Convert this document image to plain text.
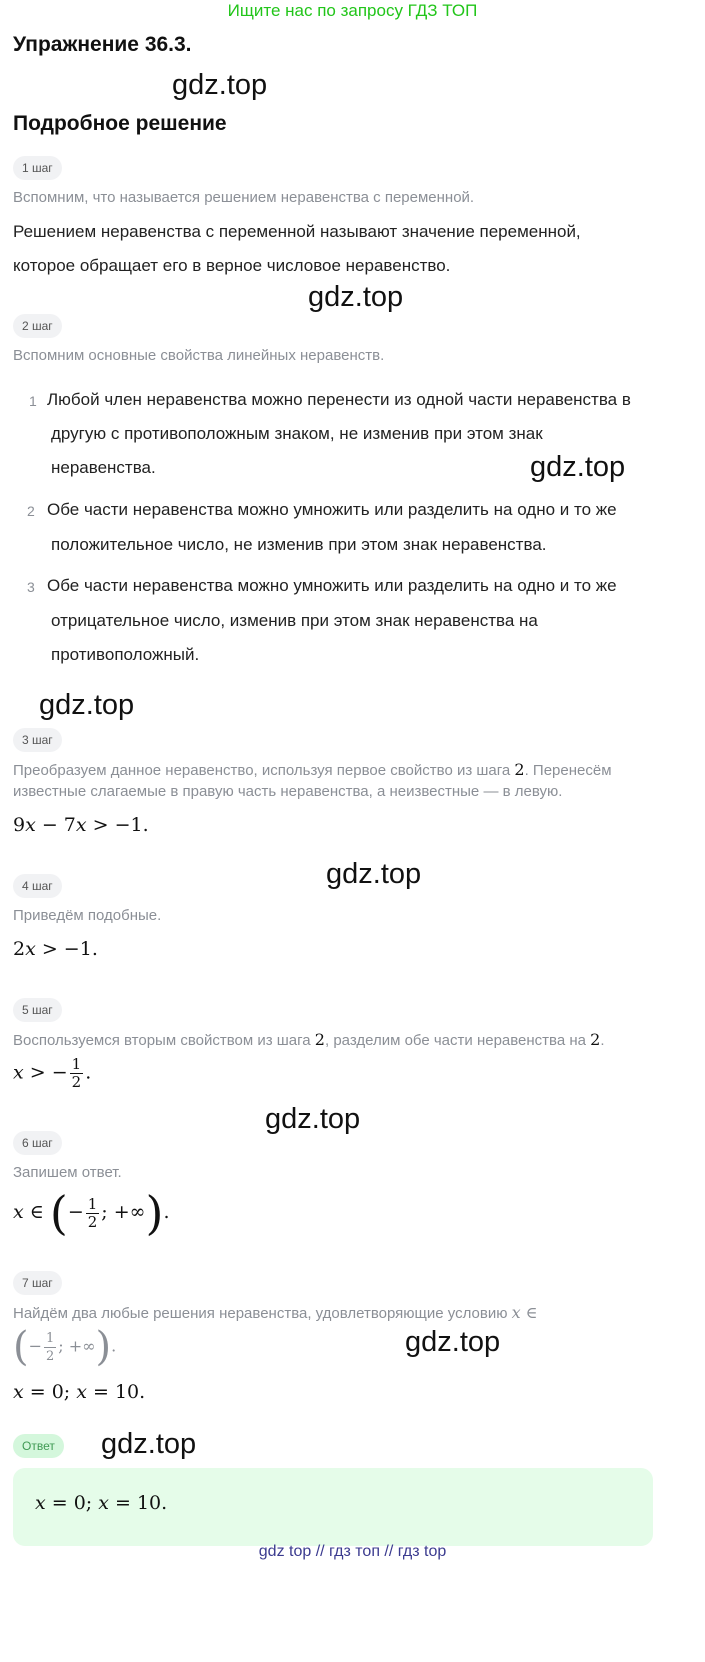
Ищите нас по запросу ГДЗ ТОП
Упражнение 36.3.
gdz.top
Подробное решение
1 шаг
Вспомним, что называется решением неравенства с переменной.
Решением неравенства с переменной называют значение переменной,
которое обращает его в верное числовое неравенство.
gdz.top
2 шаг
Вспомним основные свойства линейных неравенств.
1 Любой член неравенства можно перенести из одной части неравенства в
другую с противоположным знаком, не изменив при этом знак
неравенства.	gdz.top
2 Обе части неравенства можно умножить или разделить на одно и то же
положительное число, не изменив при этом знак неравенства.
3 Обе части неравенства можно умножить или разделить на одно и то же
отрицательное число, изменив при этом знак неравенства на
противоположный.
gdz.top
3 шаг
Преобразуем данное неравенство, используя первое свойство из шага 2. Перенесём
известные слагаемые в правую часть неравенства, а неизвестные — в левую.
9x − 7x > −1.
gdz.top
4 шаг
Приведём подобные.
2x > −1.
5 шаг
Воспользуемся вторым свойством из шага 2, разделим обе части неравенства на 2.
x > − $\frac{1}{2}$ .
gdz.top
6 шаг
Запишем ответ.
x ∈ (− $\frac{1}{2}$ ; +∞).
7 шаг
Найдём два любые решения неравенства, удовлетворяющие условию x ∈
(− $\frac{1}{2}$ ; +∞).	gdz.top
x = 0; x = 10.
Ответ	gdz.top
x = 0; x = 10.
gdz top // гдз топ // гдз top
